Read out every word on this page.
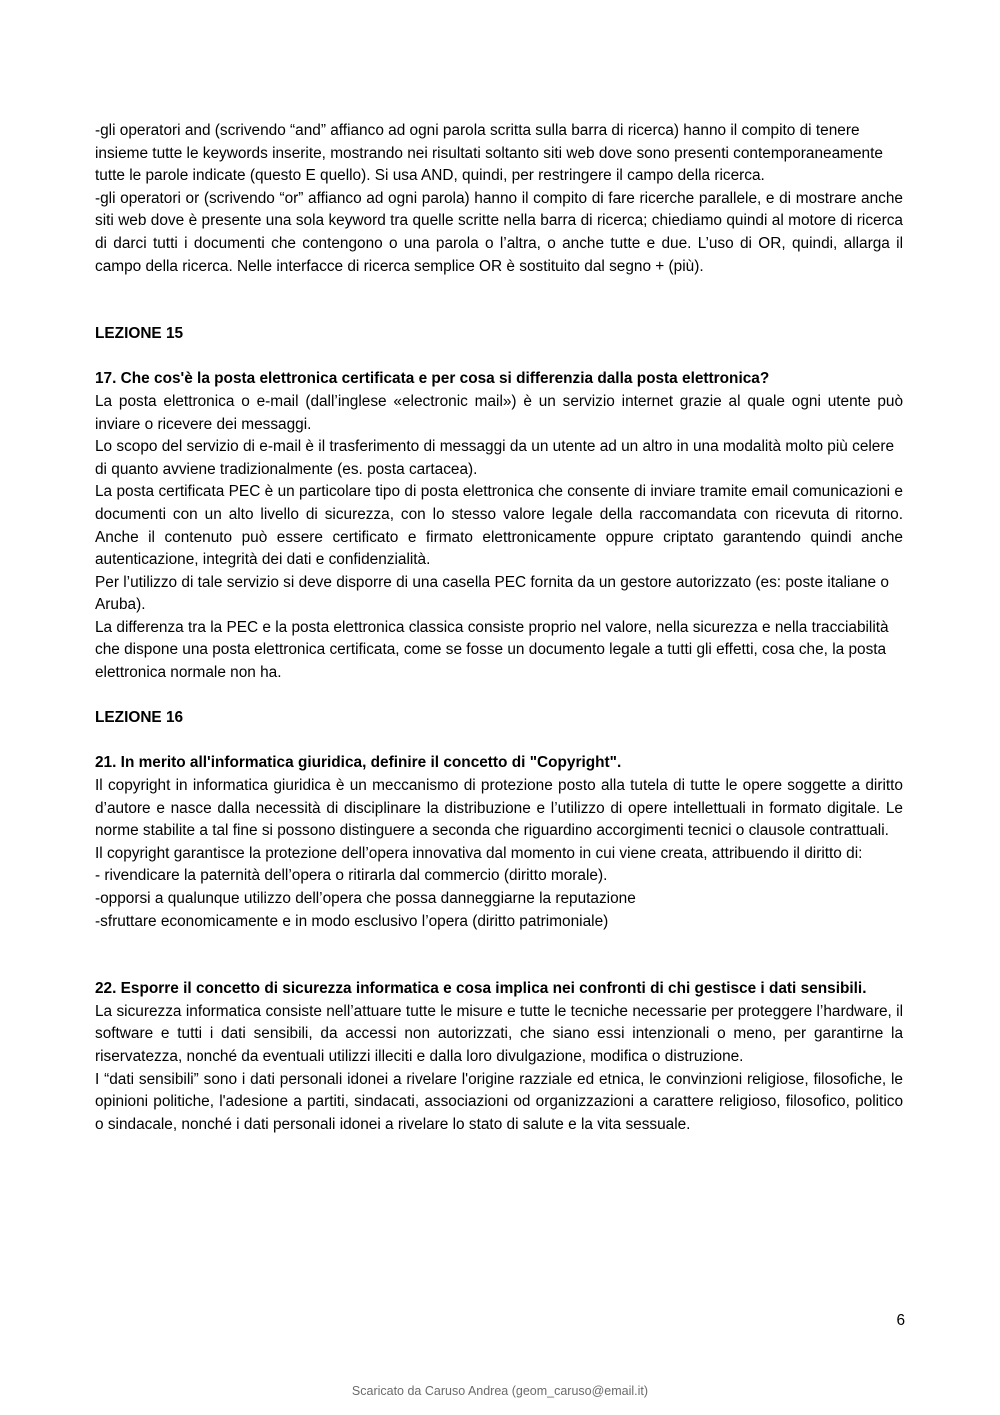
-gli operatori and (scrivendo “and” affianco ad ogni parola scritta sulla barra di ricerca) hanno il compito di tenere insieme tutte le keywords inserite, mostrando nei risultati soltanto siti web dove sono presenti contemporaneamente tutte le parole indicate (questo E quello). Si usa AND, quindi, per restringere il campo della ricerca.

-gli operatori or (scrivendo “or” affianco ad ogni parola) hanno il compito di fare ricerche parallele, e di mostrare anche siti web dove è presente una sola keyword tra quelle scritte nella barra di ricerca; chiediamo quindi al motore di ricerca di darci tutti i documenti che contengono o una parola o l’altra, o anche tutte e due. L’uso di OR, quindi, allarga il campo della ricerca. Nelle interfacce di ricerca semplice OR è sostituito dal segno + (più).

LEZIONE 15

17. Che cos'è la posta elettronica certificata e per cosa si differenzia dalla posta elettronica?

La posta elettronica o e-mail (dall’inglese «electronic mail») è un servizio internet grazie al quale ogni utente può inviare o ricevere dei messaggi.

Lo scopo del servizio di e-mail è il trasferimento di messaggi da un utente ad un altro in una modalità molto più celere di quanto avviene tradizionalmente (es. posta cartacea).

La posta certificata PEC è un particolare tipo di posta elettronica che consente di inviare tramite email comunicazioni e documenti con un alto livello di sicurezza, con lo stesso valore legale della raccomandata con ricevuta di ritorno. Anche il contenuto può essere certificato e firmato elettronicamente oppure criptato garantendo quindi anche autenticazione, integrità dei dati e confidenzialità.

Per l’utilizzo di tale servizio si deve disporre di una casella PEC fornita da un gestore autorizzato (es: poste italiane o Aruba).

La differenza tra la PEC e la posta elettronica classica consiste proprio nel valore, nella sicurezza e nella tracciabilità che dispone una posta elettronica certificata, come se fosse un documento legale a tutti gli effetti, cosa che, la posta elettronica normale non ha.

LEZIONE 16

21. In merito all'informatica giuridica, definire il concetto di "Copyright".

Il copyright in informatica giuridica è un meccanismo di protezione posto alla tutela di tutte le opere soggette a diritto d’autore e nasce dalla necessità di disciplinare la distribuzione e l’utilizzo di opere intellettuali in formato digitale. Le norme stabilite a tal fine si possono distinguere a seconda che riguardino accorgimenti tecnici o clausole contrattuali.

Il copyright garantisce la protezione dell’opera innovativa dal momento in cui viene creata, attribuendo il diritto di:

- rivendicare la paternità dell’opera o ritirarla dal commercio (diritto morale).

-opporsi a qualunque utilizzo dell’opera che possa danneggiarne la reputazione

-sfruttare economicamente e in modo esclusivo l’opera (diritto patrimoniale)

22. Esporre il concetto di sicurezza informatica e cosa implica nei confronti di chi gestisce i dati sensibili.

La sicurezza informatica consiste nell’attuare tutte le misure e tutte le tecniche necessarie per proteggere l’hardware, il software e tutti i dati sensibili, da accessi non autorizzati, che siano essi intenzionali o meno, per garantirne la riservatezza, nonché da eventuali utilizzi illeciti e dalla loro divulgazione, modifica o distruzione.

I “dati sensibili” sono i dati personali idonei a rivelare l'origine razziale ed etnica, le convinzioni religiose, filosofiche, le opinioni politiche, l'adesione a partiti, sindacati, associazioni od organizzazioni a carattere religioso, filosofico, politico o sindacale, nonché i dati personali idonei a rivelare lo stato di salute e la vita sessuale.

6
Scaricato da Caruso Andrea (geom_caruso@email.it)
